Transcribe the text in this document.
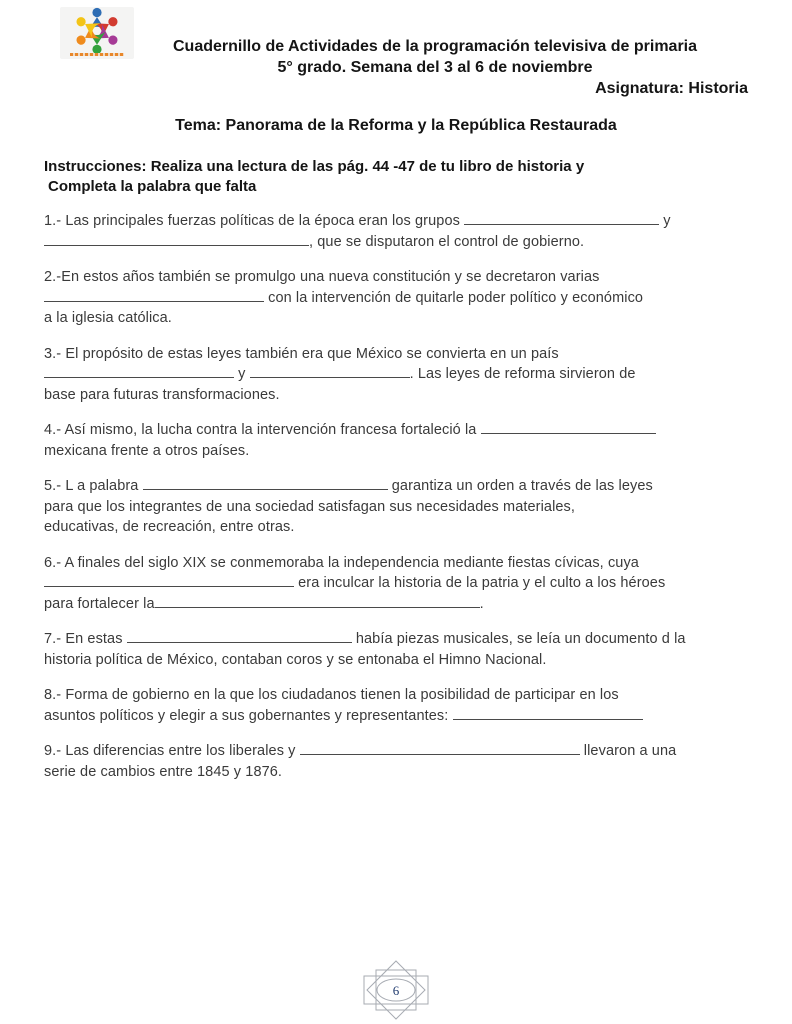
Cuadernillo de Actividades de la programación televisiva de primaria
5° grado. Semana del 3 al 6 de noviembre
Asignatura: Historia
Tema: Panorama de la Reforma y la República Restaurada
Instrucciones: Realiza una lectura de las pág. 44 -47 de tu libro de historia y
Completa la palabra que falta

1.- Las principales fuerzas políticas de la época eran los grupos	y
, que se disputaron el control de gobierno.

2.-En estos años también se promulgo una nueva constitución y se decretaron varias
con la intervención de quitarle poder político y económico
a la iglesia católica.

3.- El propósito de estas leyes también era que México se convierta en un país
y	. Las leyes de reforma sirvieron de
base para futuras transformaciones.

4.- Así mismo, la lucha contra la intervención francesa fortaleció la
mexicana frente a otros países.

5.- L a palabra	garantiza un orden a través de las leyes
para que los integrantes de una sociedad satisfagan sus necesidades materiales,
educativas, de recreación, entre otras.

6.- A finales del siglo XIX se conmemoraba la independencia mediante fiestas cívicas, cuya
era inculcar la historia de la patria y el culto a los héroes
para fortalecer la	.

7.- En estas	había piezas musicales, se leía un documento d la
historia política de México, contaban coros y se entonaba el Himno Nacional.

8.- Forma de gobierno en la que los ciudadanos tienen la posibilidad de participar en los
asuntos políticos y elegir a sus gobernantes y representantes:

9.- Las diferencias entre los liberales y	llevaron a una
serie de cambios entre 1845 y 1876.

6
